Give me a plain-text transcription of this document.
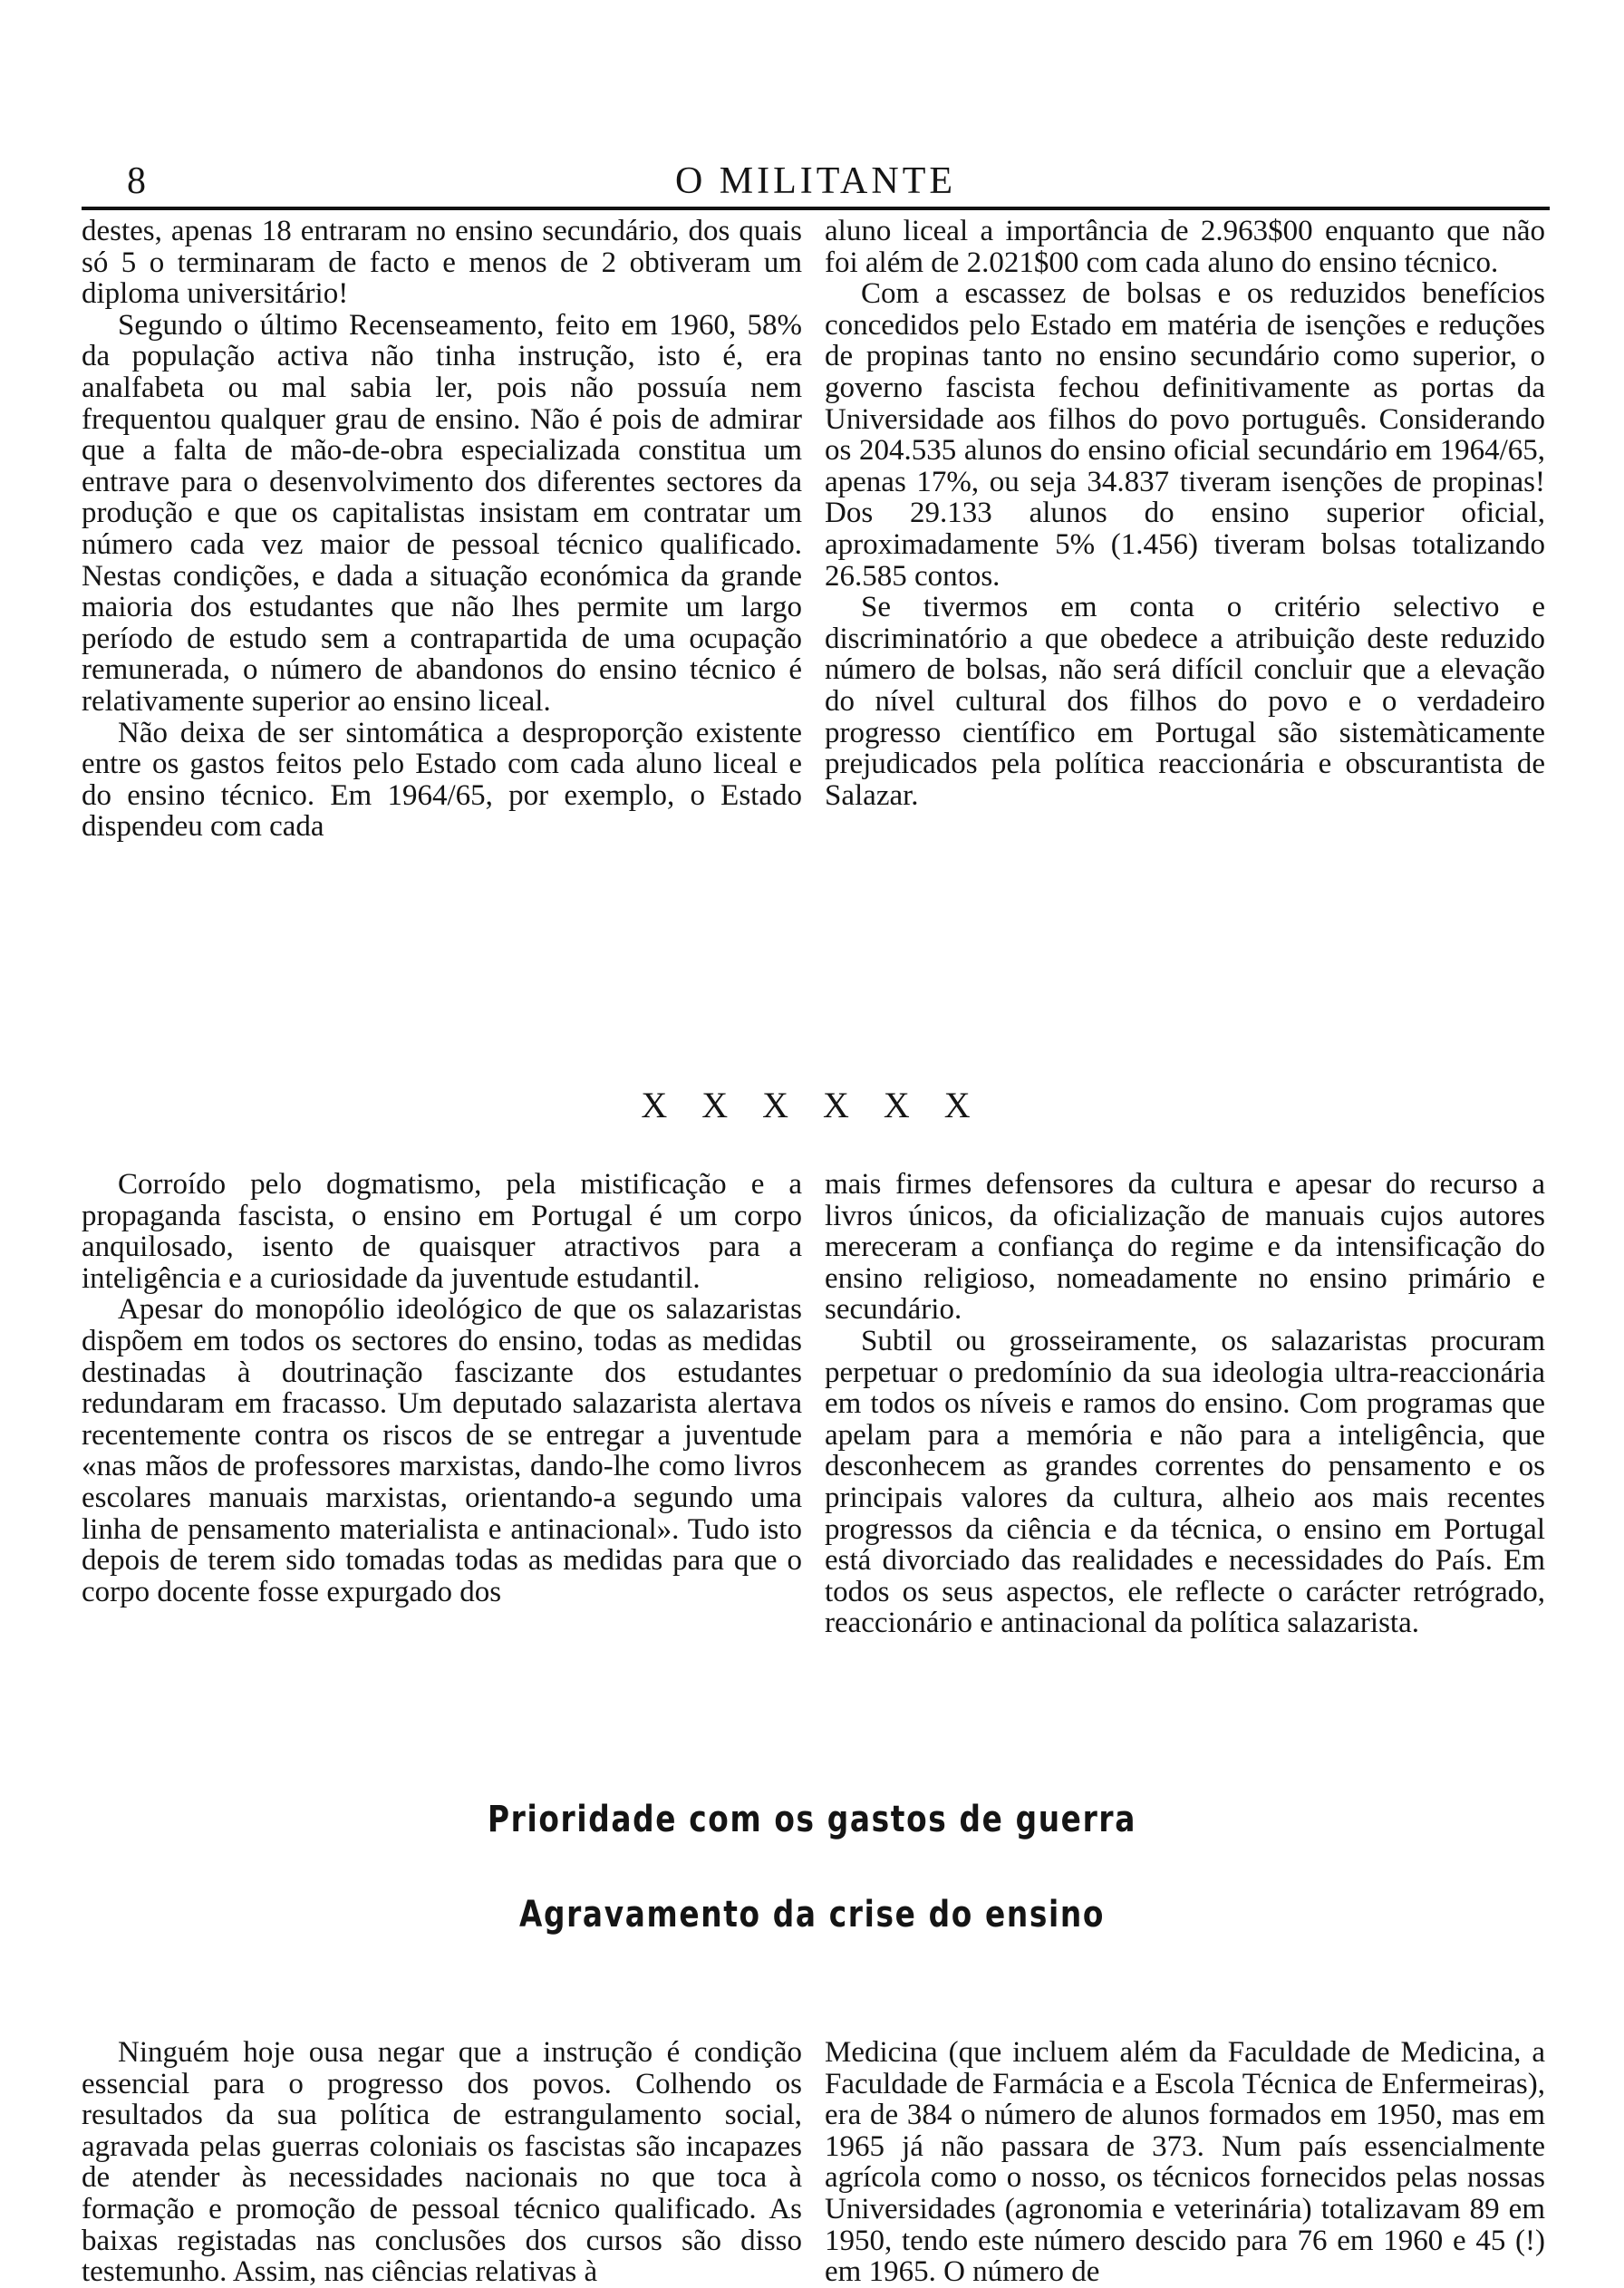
8	O MILITANTE

destes, apenas 18 entraram no ensino secundário, dos quais só 5 o terminaram de facto e menos de 2 obtiveram um diploma universitário!

Segundo o último Recenseamento, feito em 1960, 58% da população activa não tinha instrução, isto é, era analfabeta ou mal sabia ler, pois não possuía nem frequentou qualquer grau de ensino. Não é pois de admirar que a falta de mão-de-obra especializada constitua um entrave para o desenvolvimento dos diferentes sectores da produção e que os capitalistas insistam em contratar um número cada vez maior de pessoal técnico qualificado. Nestas condições, e dada a situação económica da grande maioria dos estudantes que não lhes permite um largo período de estudo sem a contrapartida de uma ocupação remunerada, o número de abandonos do ensino técnico é relativamente superior ao ensino liceal.

Não deixa de ser sintomática a desproporção existente entre os gastos feitos pelo Estado com cada aluno liceal e do ensino técnico. Em 1964/65, por exemplo, o Estado dispendeu com cada

aluno liceal a importância de 2.963$00 enquanto que não foi além de 2.021$00 com cada aluno do ensino técnico.

Com a escassez de bolsas e os reduzidos benefícios concedidos pelo Estado em matéria de isenções e reduções de propinas tanto no ensino secundário como superior, o governo fascista fechou definitivamente as portas da Universidade aos filhos do povo português. Considerando os 204.535 alunos do ensino oficial secundário em 1964/65, apenas 17%, ou seja 34.837 tiveram isenções de propinas! Dos 29.133 alunos do ensino superior oficial, aproximadamente 5% (1.456) tiveram bolsas totalizando 26.585 contos.

Se tivermos em conta o critério selectivo e discriminatório a que obedece a atribuição deste reduzido número de bolsas, não será difícil concluir que a elevação do nível cultural dos filhos do povo e o verdadeiro progresso científico em Portugal são sistemàticamente prejudicados pela política reaccionária e obscurantista de Salazar.

X X X X X X

Corroído pelo dogmatismo, pela mistificação e a propaganda fascista, o ensino em Portugal é um corpo anquilosado, isento de quaisquer atractivos para a inteligência e a curiosidade da juventude estudantil.

Apesar do monopólio ideológico de que os salazaristas dispõem em todos os sectores do ensino, todas as medidas destinadas à doutrinação fascizante dos estudantes redundaram em fracasso. Um deputado salazarista alertava recentemente contra os riscos de se entregar a juventude «nas mãos de professores marxistas, dando-lhe como livros escolares manuais marxistas, orientando-a segundo uma linha de pensamento materialista e antinacional». Tudo isto depois de terem sido tomadas todas as medidas para que o corpo docente fosse expurgado dos

mais firmes defensores da cultura e apesar do recurso a livros únicos, da oficialização de manuais cujos autores mereceram a confiança do regime e da intensificação do ensino religioso, nomeadamente no ensino primário e secundário.

Subtil ou grosseiramente, os salazaristas procuram perpetuar o predomínio da sua ideologia ultra-reaccionária em todos os níveis e ramos do ensino. Com programas que apelam para a memória e não para a inteligência, que desconhecem as grandes correntes do pensamento e os principais valores da cultura, alheio aos mais recentes progressos da ciência e da técnica, o ensino em Portugal está divorciado das realidades e necessidades do País. Em todos os seus aspectos, ele reflecte o carácter retrógrado, reaccionário e antinacional da política salazarista.

Prioridade com os gastos de guerra
Agravamento da crise do ensino

Ninguém hoje ousa negar que a instrução é condição essencial para o progresso dos povos. Colhendo os resultados da sua política de estrangulamento social, agravada pelas guerras coloniais os fascistas são incapazes de atender às necessidades nacionais no que toca à formação e promoção de pessoal técnico qualificado. As baixas registadas nas conclusões dos cursos são disso testemunho. Assim, nas ciências relativas à

Medicina (que incluem além da Faculdade de Medicina, a Faculdade de Farmácia e a Escola Técnica de Enfermeiras), era de 384 o número de alunos formados em 1950, mas em 1965 já não passara de 373. Num país essencialmente agrícola como o nosso, os técnicos fornecidos pelas nossas Universidades (agronomia e veterinária) totalizavam 89 em 1950, tendo este número descido para 76 em 1960 e 45 (!) em 1965. O número de
